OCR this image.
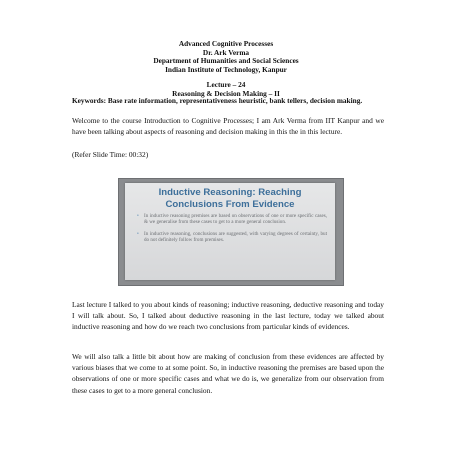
Advanced Cognitive Processes
Dr. Ark Verma
Department of Humanities and Social Sciences
Indian Institute of Technology, Kanpur
Lecture – 24
Reasoning & Decision Making – II
Keywords: Base rate information, representativeness heuristic, bank tellers, decision making.
Welcome to the course Introduction to Cognitive Processes; I am Ark Verma from IIT Kanpur and we have been talking about aspects of reasoning and decision making in this the in this lecture.
(Refer Slide Time: 00:32)
Inductive Reasoning: Reaching
Conclusions From Evidence
• In inductive reasoning premises are based on observations of one or more specific cases, & we generalise from these cases to get to a more general conclusion.
• In inductive reasoning, conclusions are suggested, with varying degrees of certainty, but do not definitely follow from premises.
Last lecture I talked to you about kinds of reasoning; inductive reasoning, deductive reasoning and today I will talk about. So, I talked about deductive reasoning in the last lecture, today we talked about inductive reasoning and how do we reach two conclusions from particular kinds of evidences.
We will also talk a little bit about how are making of conclusion from these evidences are affected by various biases that we come to at some point. So, in inductive reasoning the premises are based upon the observations of one or more specific cases and what we do is, we generalize from our observation from these cases to get to a more general conclusion.
